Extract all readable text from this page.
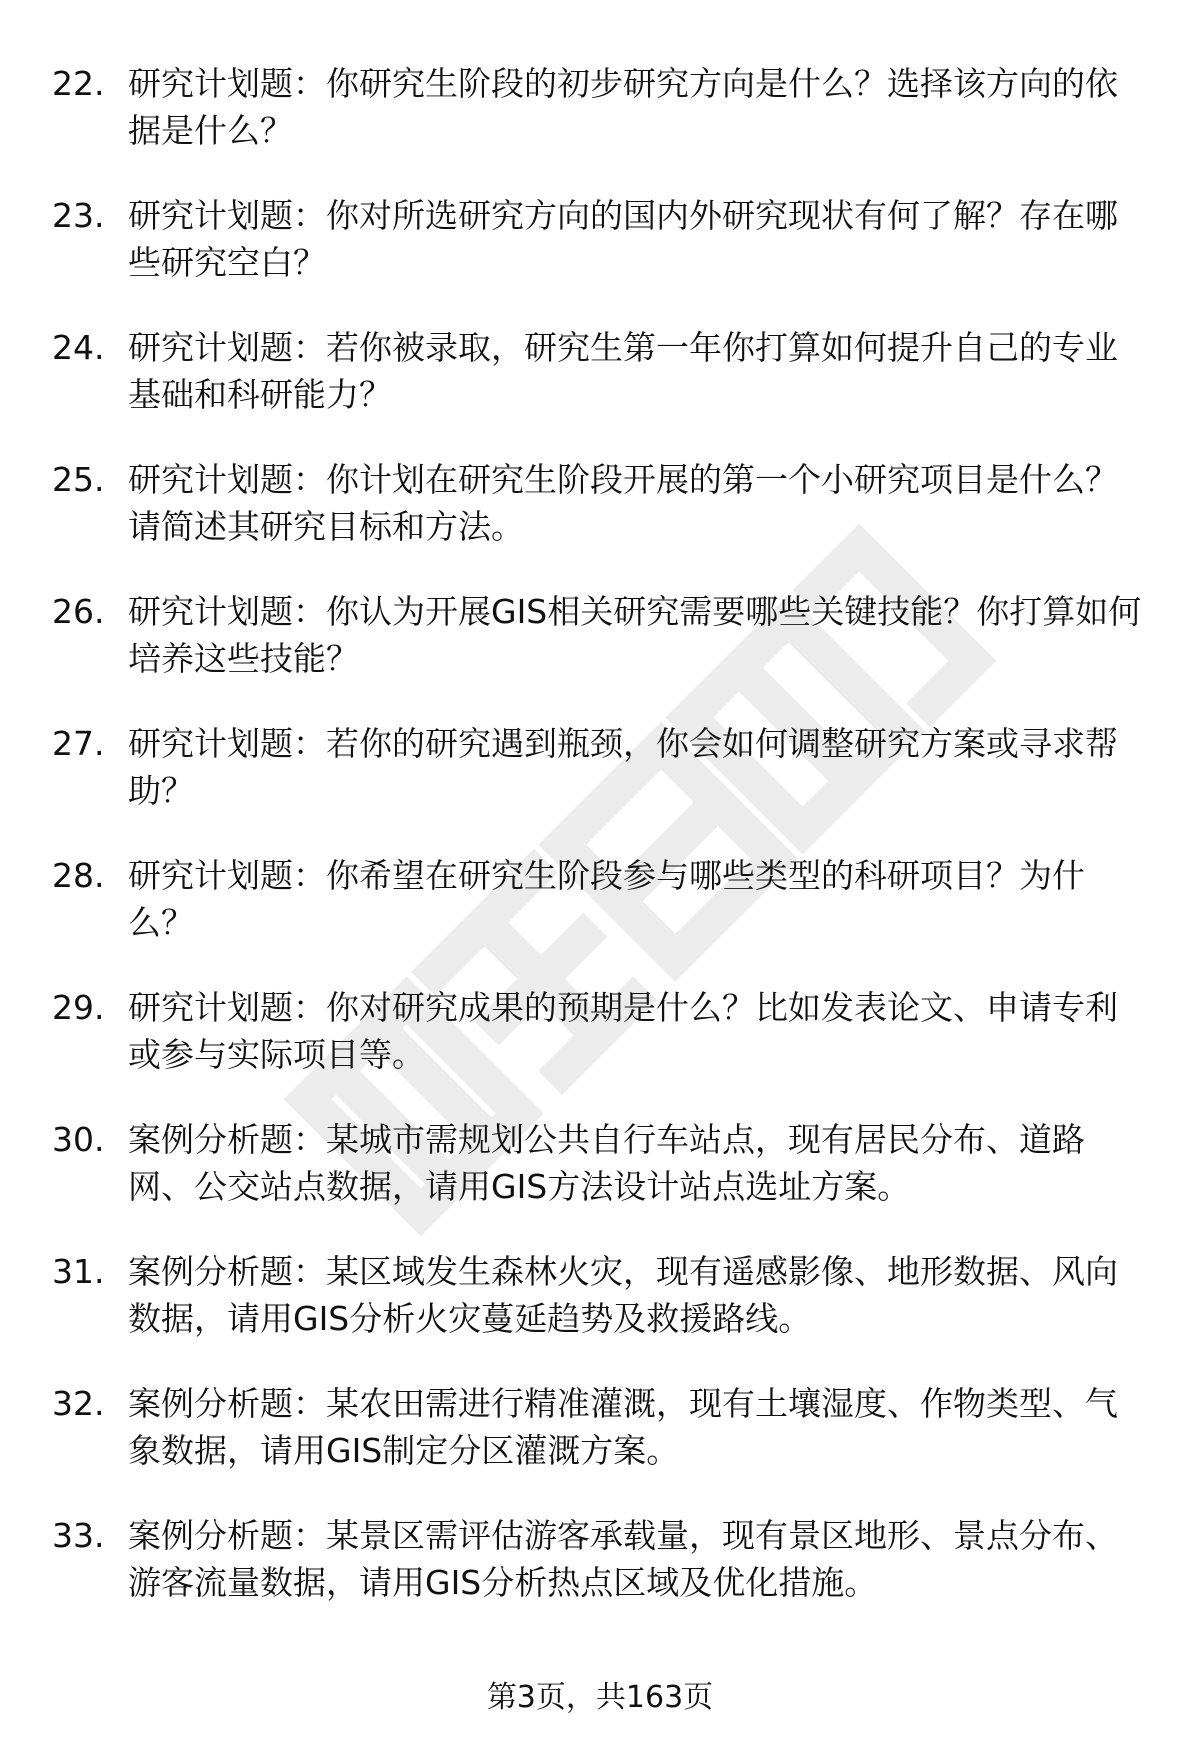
22. 研究计划题：你研究生阶段的初步研究方向是什么？选择该方向的依据是什么？
23. 研究计划题：你对所选研究方向的国内外研究现状有何了解？存在哪些研究空白？
24. 研究计划题：若你被录取，研究生第一年你打算如何提升自己的专业基础和科研能力？
25. 研究计划题：你计划在研究生阶段开展的第一个小研究项目是什么？请简述其研究目标和方法。
26. 研究计划题：你认为开展GIS相关研究需要哪些关键技能？你打算如何培养这些技能？
27. 研究计划题：若你的研究遇到瓶颈，你会如何调整研究方案或寻求帮助？
28. 研究计划题：你希望在研究生阶段参与哪些类型的科研项目？为什么？
29. 研究计划题：你对研究成果的预期是什么？比如发表论文、申请专利或参与实际项目等。
30. 案例分析题：某城市需规划公共自行车站点，现有居民分布、道路网、公交站点数据，请用GIS方法设计站点选址方案。
31. 案例分析题：某区域发生森林火灾，现有遥感影像、地形数据、风向数据，请用GIS分析火灾蔓延趋势及救援路线。
32. 案例分析题：某农田需进行精准灌溉，现有土壤湿度、作物类型、气象数据，请用GIS制定分区灌溉方案。
33. 案例分析题：某景区需评估游客承载量，现有景区地形、景点分布、游客流量数据，请用GIS分析热点区域及优化措施。
第3页，共163页
